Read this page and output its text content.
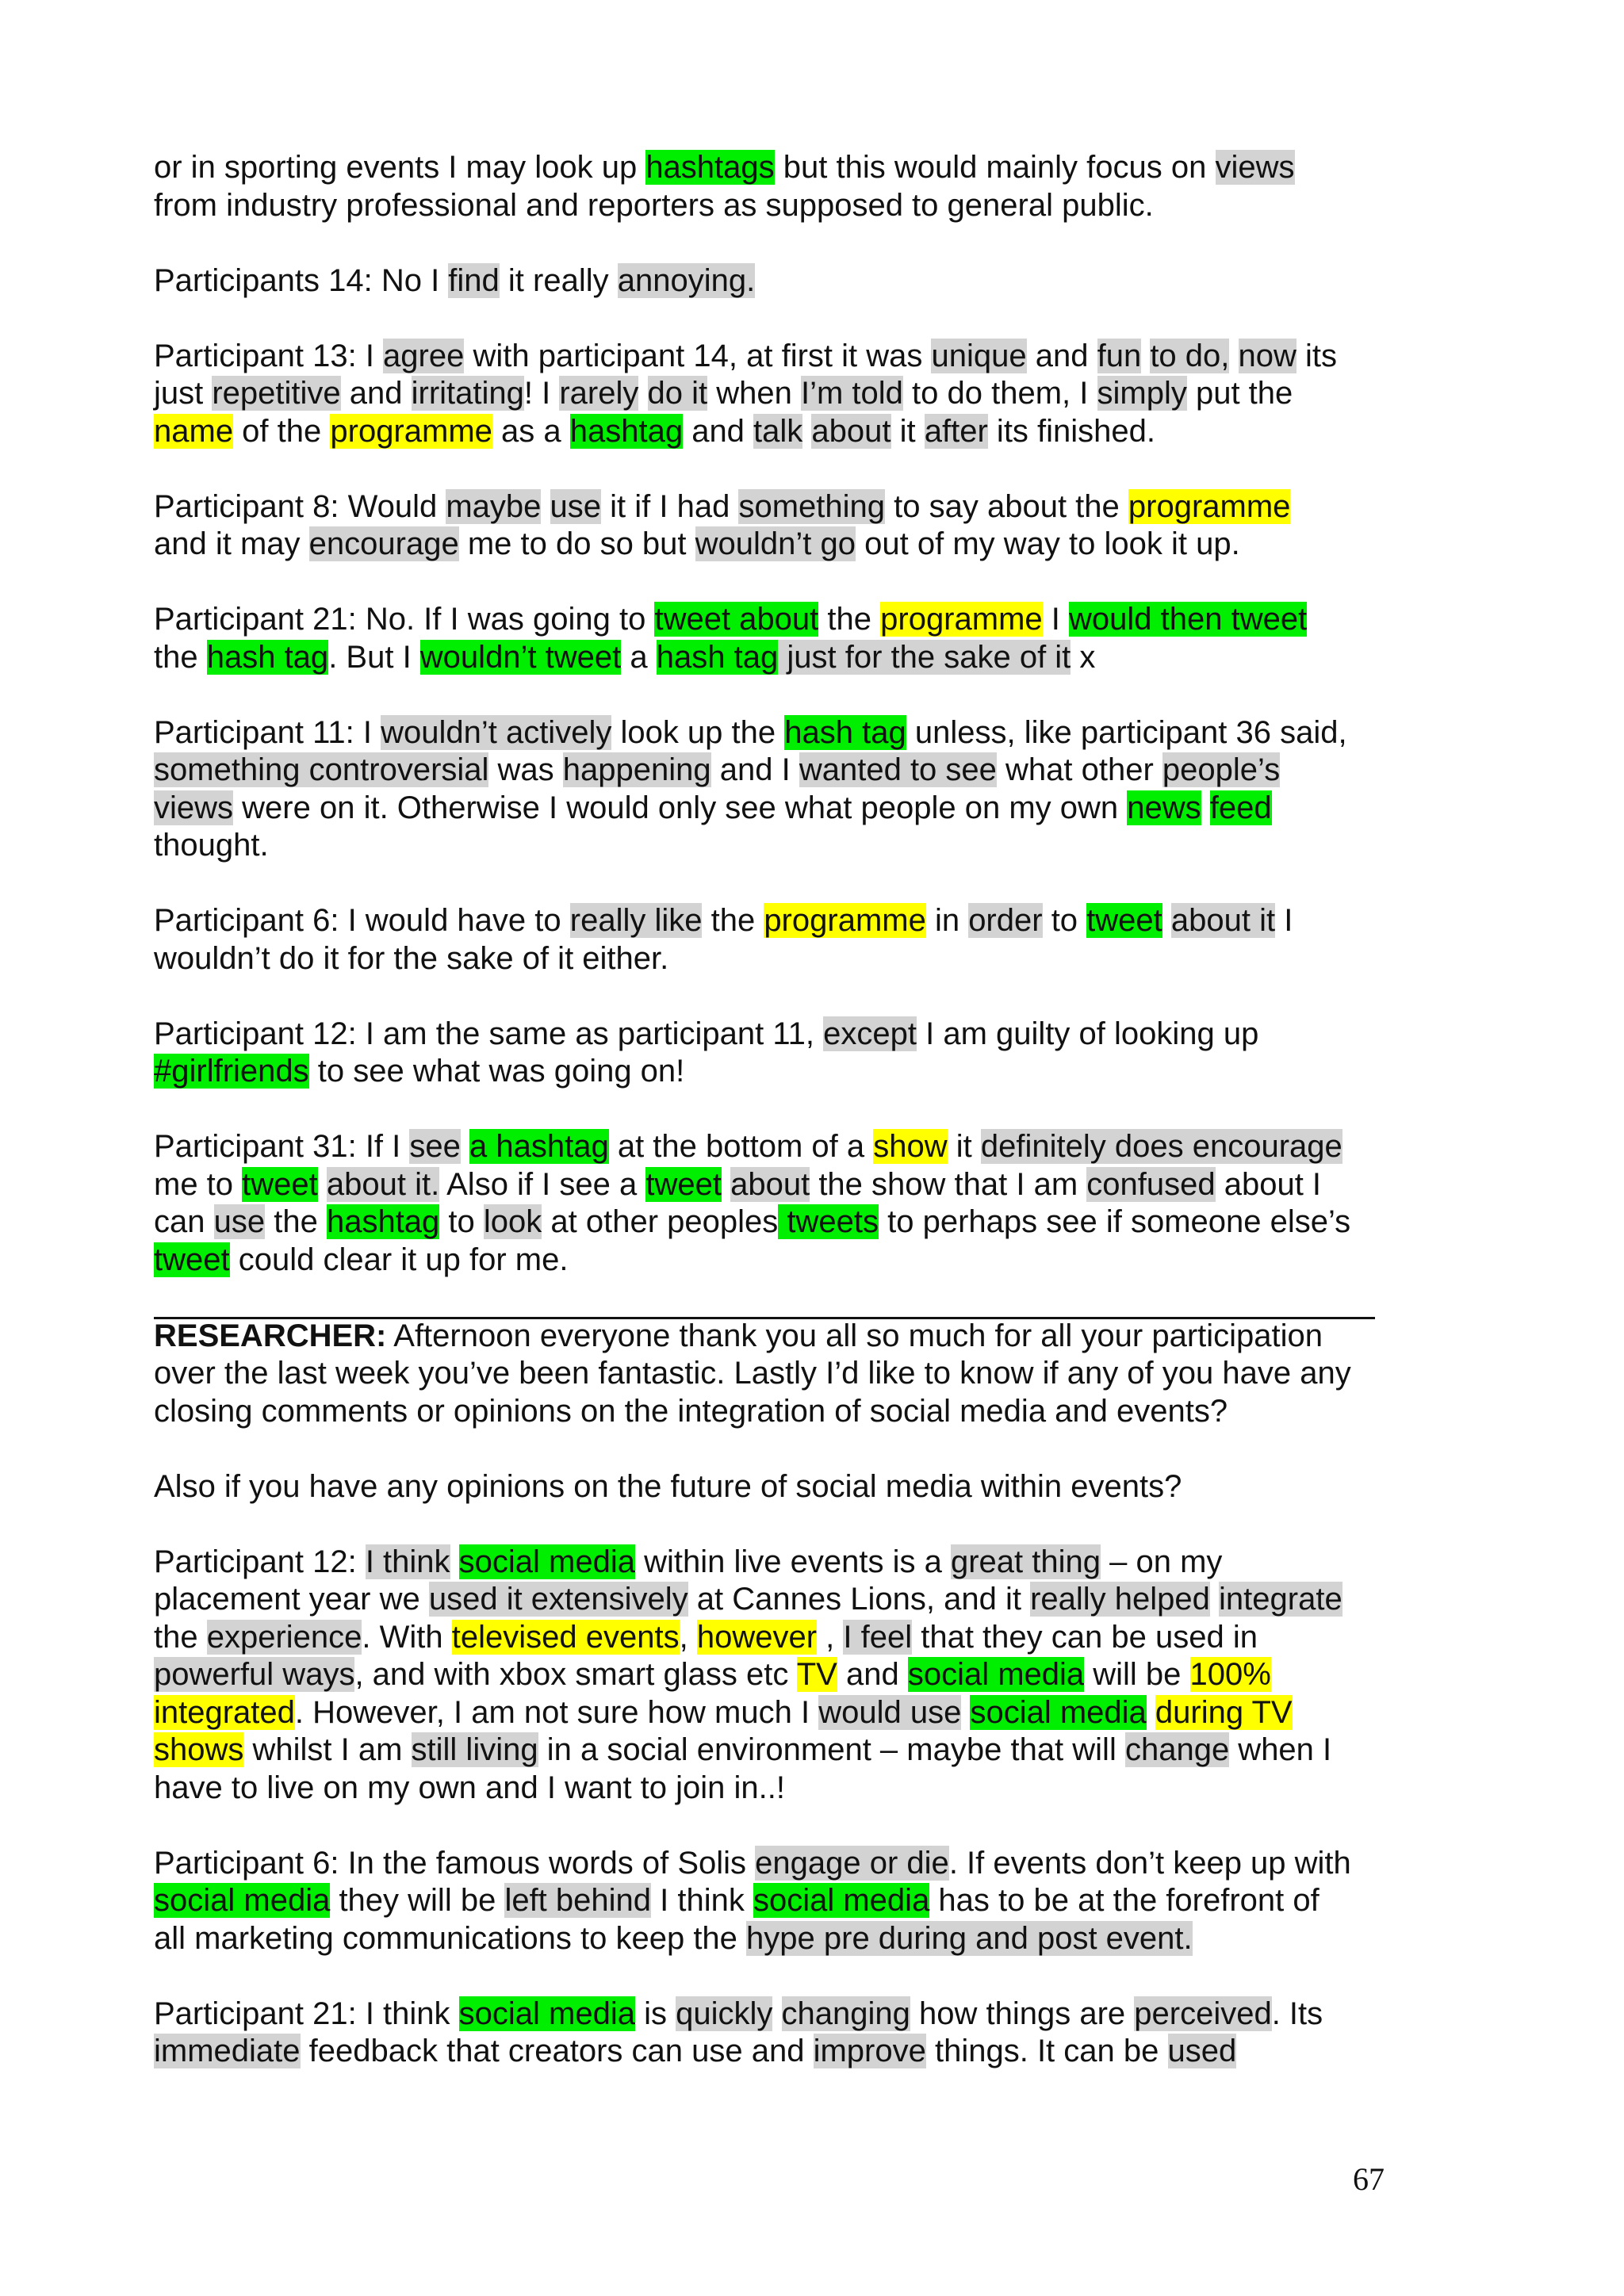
or in sporting events I may look up hashtags but this would mainly focus on views
from industry professional and reporters as supposed to general public.
Participants 14: No I find it really annoying.
Participant 13: I agree with participant 14, at first it was unique and fun to do, now its
just repetitive and irritating! I rarely do it when I’m told to do them, I simply put the
name of the programme as a hashtag and talk about it after its finished.
Participant 8: Would maybe use it if I had something to say about the programme
and it may encourage me to do so but wouldn’t go out of my way to look it up.
Participant 21: No. If I was going to tweet about the programme I would then tweet
the hash tag. But I wouldn’t tweet a hash tag just for the sake of it x
Participant 11: I wouldn’t actively look up the hash tag unless, like participant 36 said,
something controversial was happening and I wanted to see what other people’s
views were on it. Otherwise I would only see what people on my own news feed
thought.
Participant 6: I would have to really like the programme in order to tweet about it I
wouldn’t do it for the sake of it either.
Participant 12: I am the same as participant 11, except I am guilty of looking up
#girlfriends to see what was going on!
Participant 31: If I see a hashtag at the bottom of a show it definitely does encourage
me to tweet about it. Also if I see a tweet about the show that I am confused about I
can use the hashtag to look at other peoples tweets to perhaps see if someone else’s
tweet could clear it up for me.
RESEARCHER: Afternoon everyone thank you all so much for all your participation
over the last week you’ve been fantastic. Lastly I’d like to know if any of you have any
closing comments or opinions on the integration of social media and events?
Also if you have any opinions on the future of social media within events?
Participant 12: I think social media within live events is a great thing – on my
placement year we used it extensively at Cannes Lions, and it really helped integrate
the experience. With televised events, however , I feel that they can be used in
powerful ways, and with xbox smart glass etc TV and social media will be 100%
integrated. However, I am not sure how much I would use social media during TV
shows whilst I am still living in a social environment – maybe that will change when I
have to live on my own and I want to join in..!
Participant 6: In the famous words of Solis engage or die. If events don’t keep up with
social media they will be left behind I think social media has to be at the forefront of
all marketing communications to keep the hype pre during and post event.
Participant 21: I think social media is quickly changing how things are perceived. Its
immediate feedback that creators can use and improve things. It can be used
67
